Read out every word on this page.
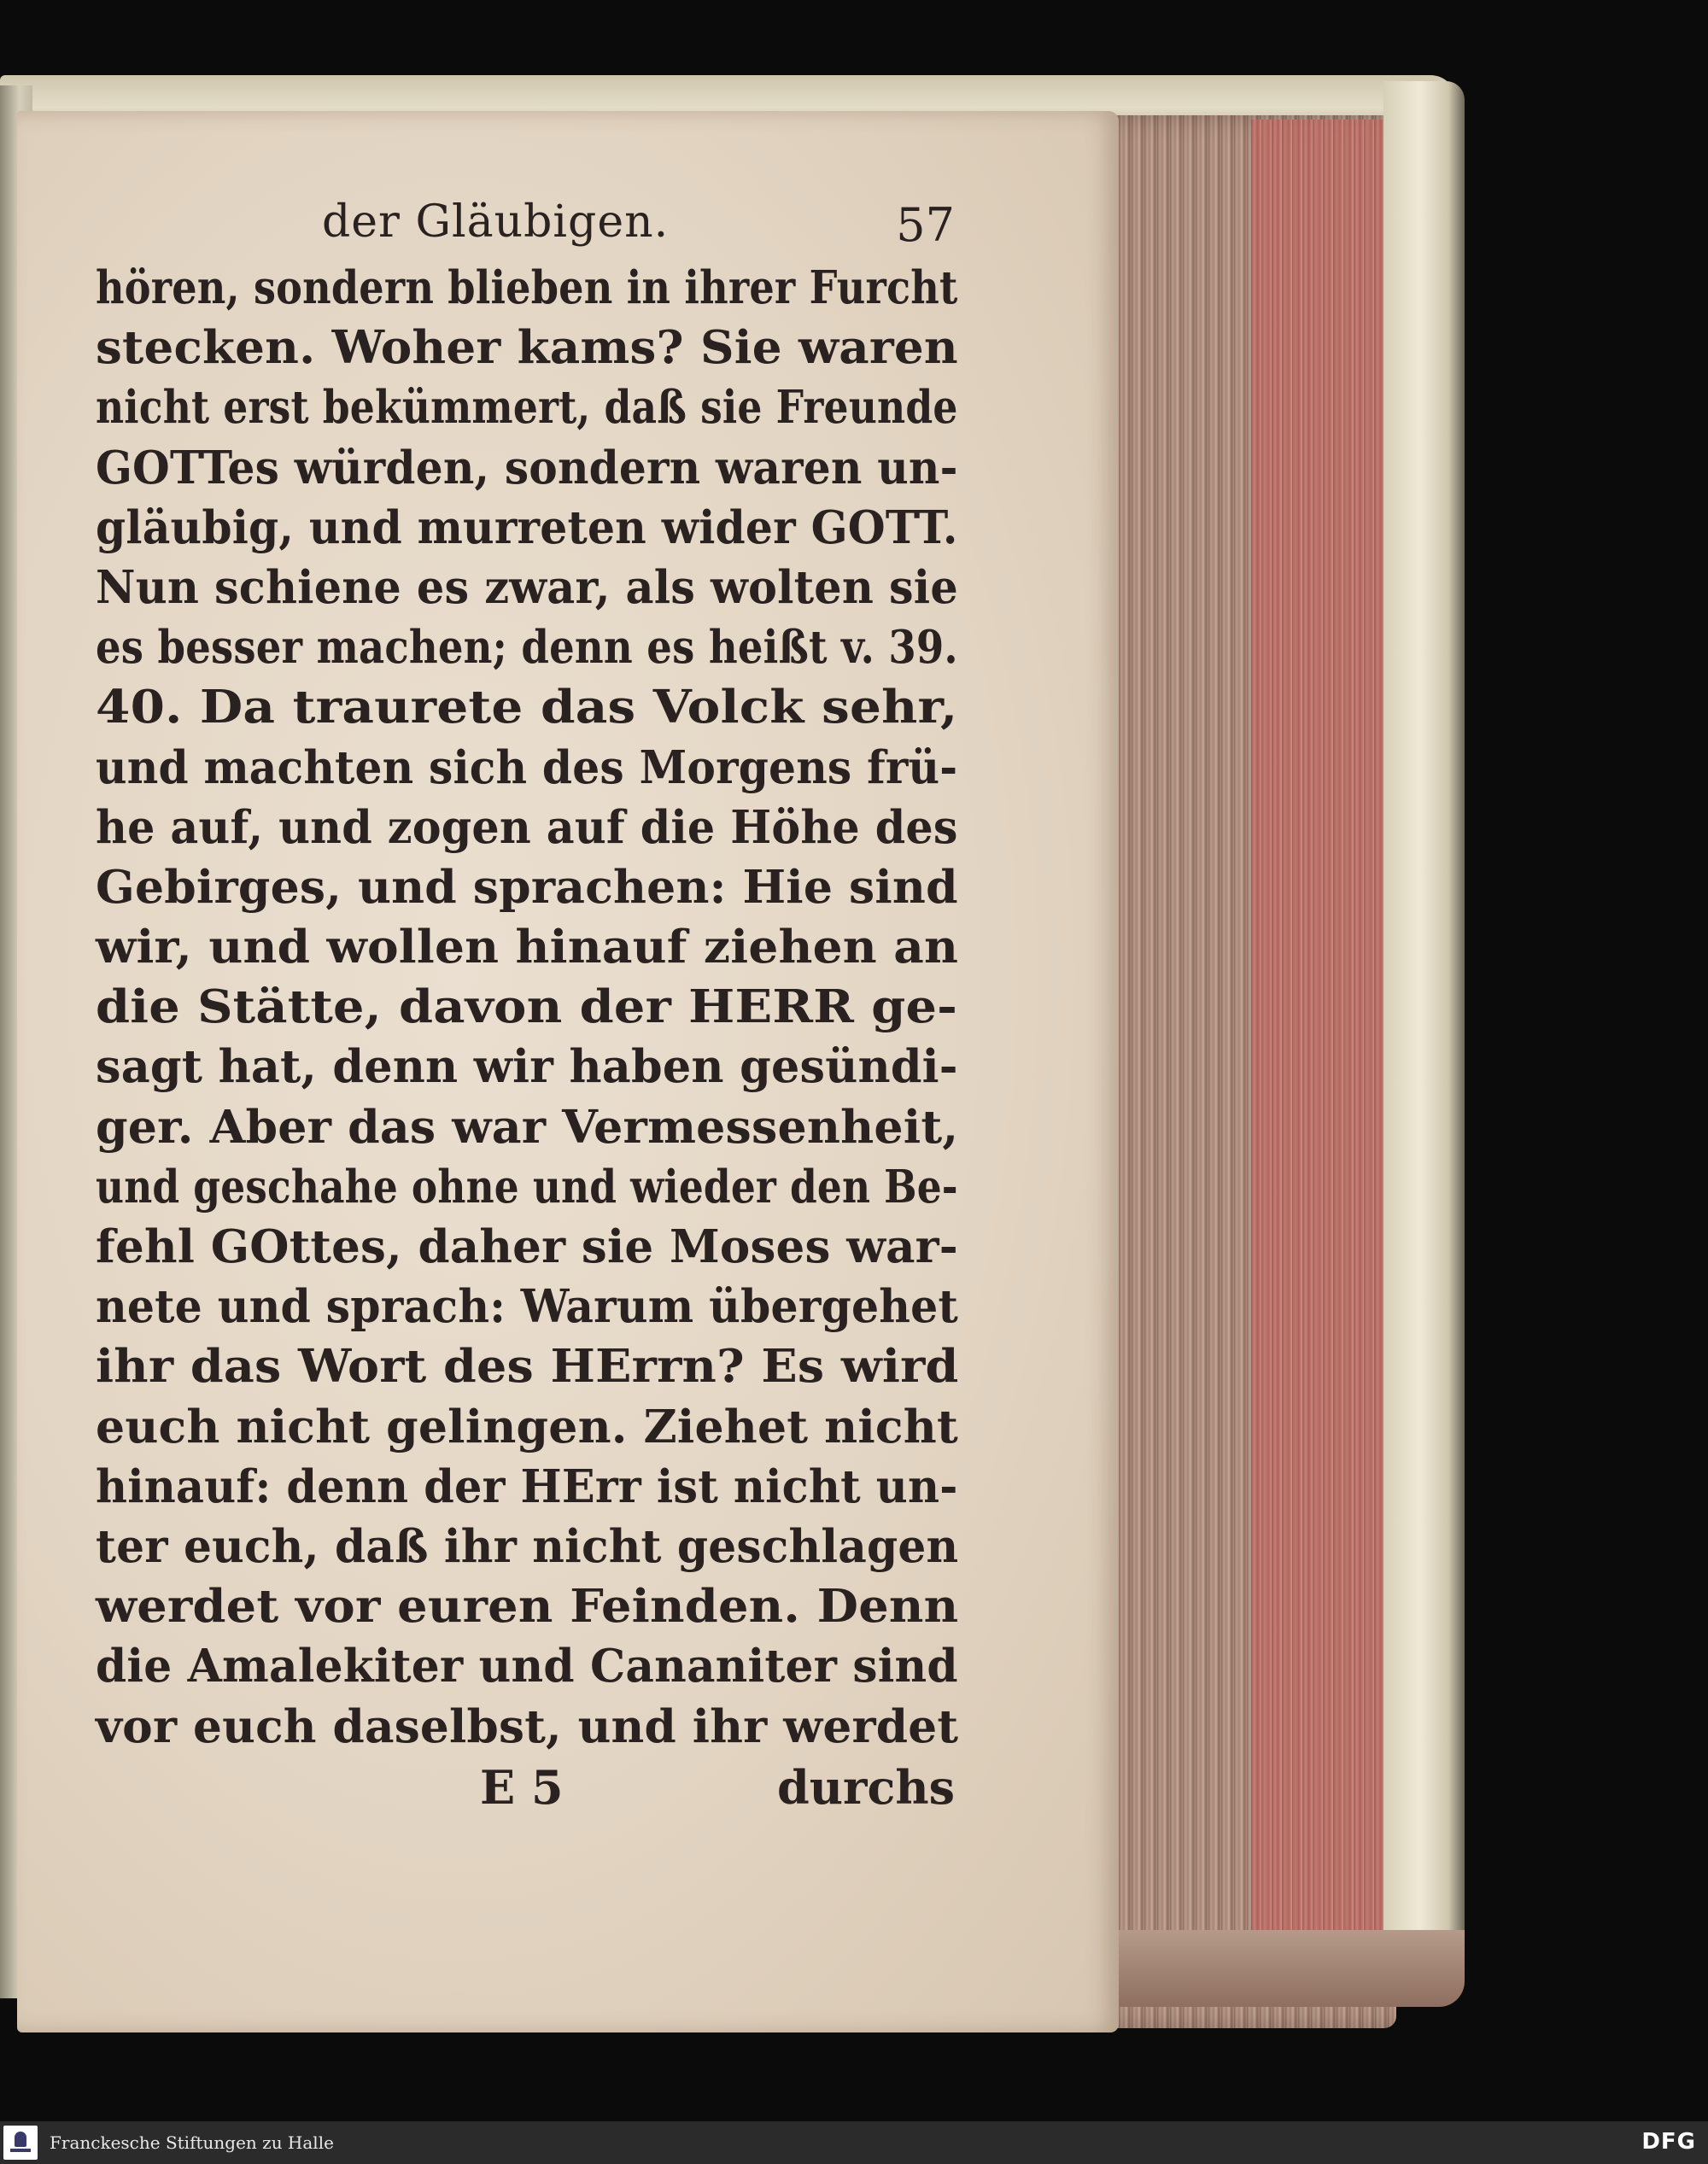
der Gläubigen.	57
hören, sondern blieben in ihrer Furcht
stecken. Woher kams? Sie waren
nicht erst bekümmert, daß sie Freunde
GOTTes würden, sondern waren un-
gläubig, und murreten wider GOTT.
Nun schiene es zwar, als wolten sie
es besser machen; denn es heißt v. 39.
40. Da traurete das Volck sehr,
und machten sich des Morgens frü-
he auf, und zogen auf die Höhe des
Gebirges, und sprachen: Hie sind
wir, und wollen hinauf ziehen an
die Stätte, davon der HERR ge-
sagt hat, denn wir haben gesündi-
ger. Aber das war Vermessenheit,
und geschahe ohne und wieder den Be-
fehl GOttes, daher sie Moses war-
nete und sprach: Warum übergehet
ihr das Wort des HErrn? Es wird
euch nicht gelingen. Ziehet nicht
hinauf: denn der HErr ist nicht un-
ter euch, daß ihr nicht geschlagen
werdet vor euren Feinden. Denn
die Amalekiter und Cananiter sind
vor euch daselbst, und ihr werdet
E 5	durchs
Franckesche Stiftungen zu Halle	DFG
